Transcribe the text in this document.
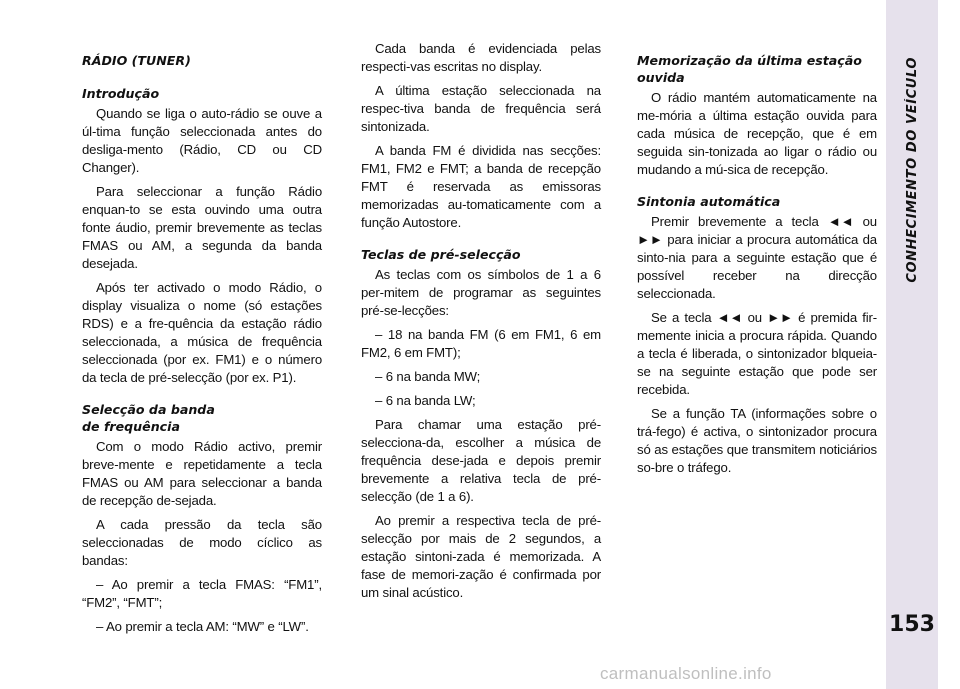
CONHECIMENTO DO VEÍCULO
153
RÁDIO (TUNER)
Introdução

Quando se liga o auto-rádio se ouve a úl-tima função seleccionada antes do desliga-mento (Rádio, CD ou CD Changer).

Para seleccionar a função Rádio enquan-to se esta ouvindo uma outra fonte áudio, premir brevemente as teclas FMAS ou AM, a segunda da banda desejada.

Após ter activado o modo Rádio, o display visualiza o nome (só estações RDS) e a fre-quência da estação rádio seleccionada, a música de frequência seleccionada (por ex. FM1) e o número da tecla de pré-selecção (por ex. P1).

Selecção da banda
de frequência

Com o modo Rádio activo, premir breve-mente e repetidamente a tecla FMAS ou AM para seleccionar a banda de recepção de-sejada.

A cada pressão da tecla são seleccionadas de modo cíclico as bandas:

– Ao premir a tecla FMAS: “FM1”, “FM2”, “FMT”;

– Ao premir a tecla AM: “MW” e “LW”.

Cada banda é evidenciada pelas respecti-vas escritas no display.

A última estação seleccionada na respec-tiva banda de frequência será sintonizada.

A banda FM é dividida nas secções: FM1, FM2 e FMT; a banda de recepção FMT é reservada as emissoras memorizadas au-tomaticamente com a função Autostore.

Teclas de pré-selecção

As teclas com os símbolos de 1 a 6 per-mitem de programar as seguintes pré-se-lecções:

– 18 na banda FM (6 em FM1, 6 em FM2, 6 em FMT);

– 6 na banda MW;

– 6 na banda LW;

Para chamar uma estação pré-selecciona-da, escolher a música de frequência dese-jada e depois premir brevemente a relativa tecla de pré-selecção (de 1 a 6).

Ao premir a respectiva tecla de pré-selecção por mais de 2 segundos, a estação sintoni-zada é memorizada. A fase de memori-zação é confirmada por um sinal acústico.

Memorização da última estação
ouvida

O rádio mantém automaticamente na me-mória a última estação ouvida para cada música de recepção, que é em seguida sin-tonizada ao ligar o rádio ou mudando a mú-sica de recepção.

Sintonia automática

Premir brevemente a tecla ◄◄ ou ►► para iniciar a procura automática da sinto-nia para a seguinte estação que é possível receber na direcção seleccionada.

Se a tecla ◄◄ ou ►► é premida fir-memente inicia a procura rápida. Quando a tecla é liberada, o sintonizador blqueia-se na seguinte estação que pode ser recebida.

Se a função TA (informações sobre o trá-fego) é activa, o sintonizador procura só as estações que transmitem noticiários so-bre o tráfego.

carmanualsonline.info
